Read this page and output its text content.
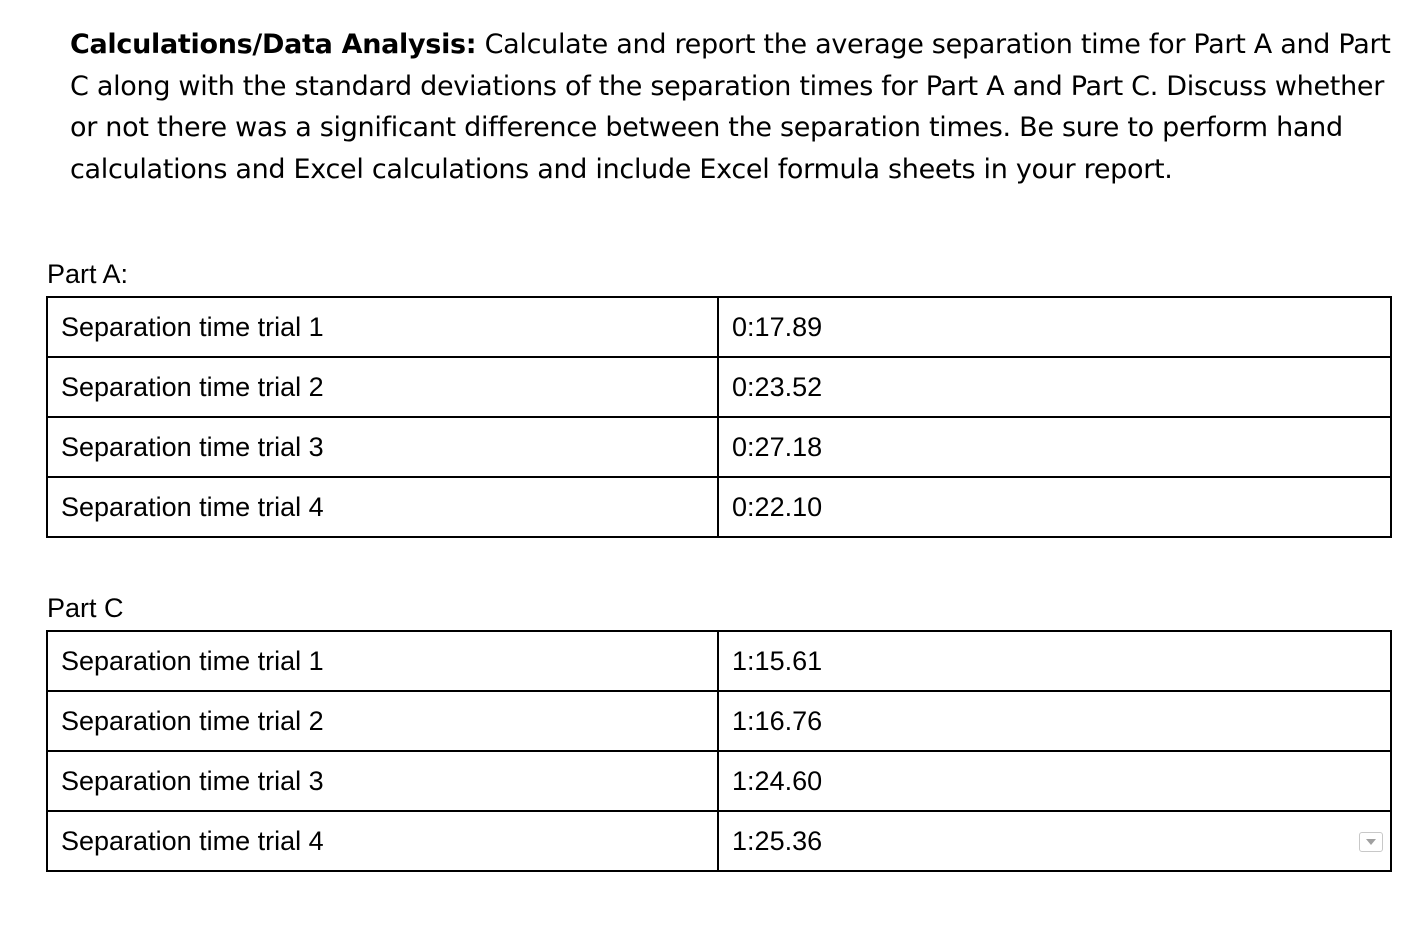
Calculations/Data Analysis: Calculate and report the average separation time for Part A and Part C along with the standard deviations of the separation times for Part A and Part C. Discuss whether or not there was a significant difference between the separation times. Be sure to perform hand calculations and Excel calculations and include Excel formula sheets in your report.
Part A:
Separation time trial 1	0:17.89
Separation time trial 2	0:23.52
Separation time trial 3	0:27.18
Separation time trial 4	0:22.10
Part C
Separation time trial 1	1:15.61
Separation time trial 2	1:16.76
Separation time trial 3	1:24.60
Separation time trial 4	1:25.36
